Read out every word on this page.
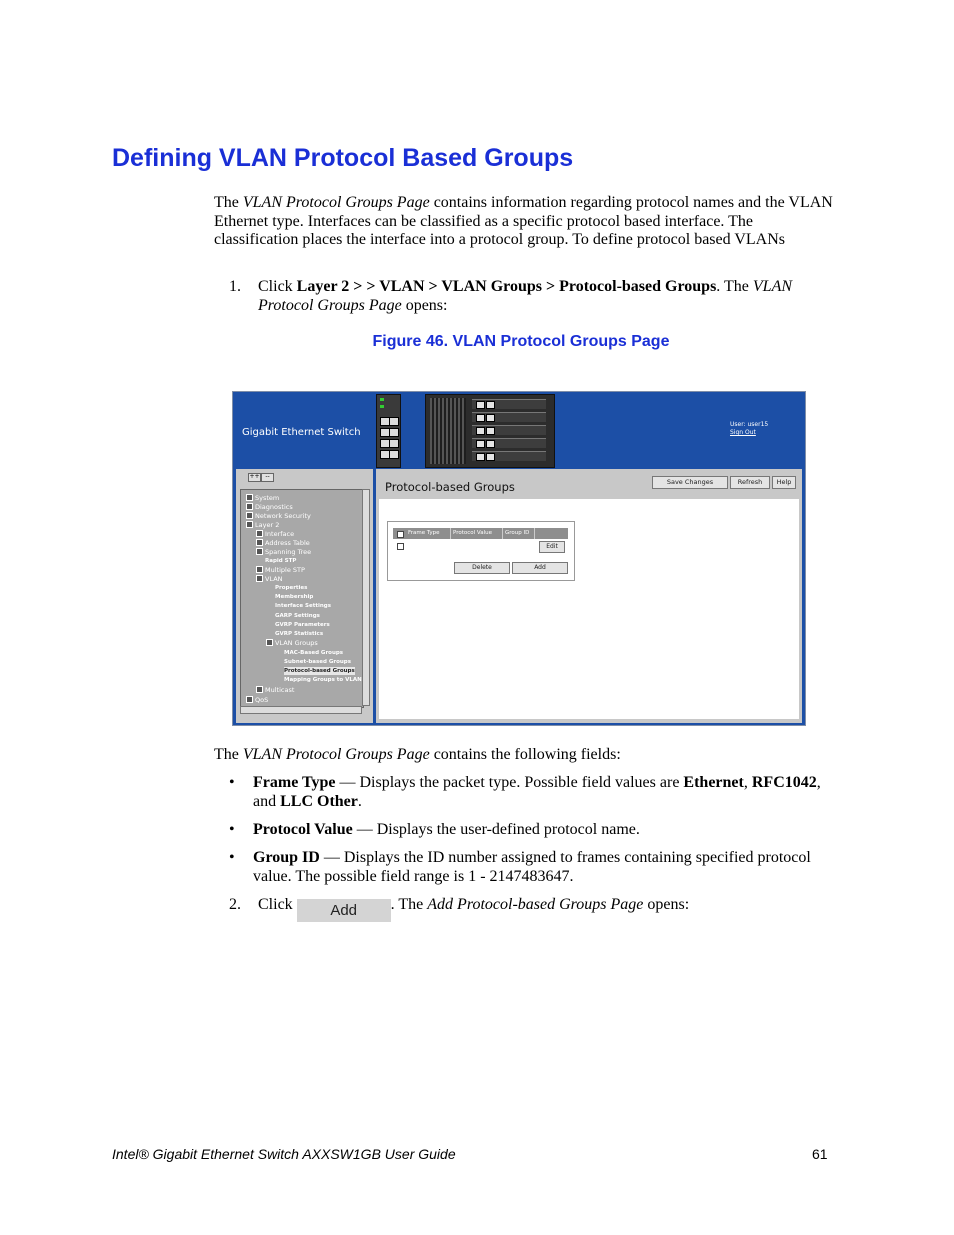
Defining VLAN Protocol Based Groups
The VLAN Protocol Groups Page contains information regarding protocol names and the VLAN Ethernet type. Interfaces can be classified as a specific protocol based interface. The classification places the interface into a protocol group. To define protocol based VLANs
1. Click Layer 2 > > VLAN > VLAN Groups > Protocol-based Groups. The VLAN Protocol Groups Page opens:
Figure 46. VLAN Protocol Groups Page
Gigabit Ethernet Switch
User: user15
Sign Out
++ --
System
Diagnostics
Network Security
Layer 2
Interface
Address Table
Spanning Tree
Rapid STP
Multiple STP
VLAN
Properties
Membership
Interface Settings
GARP Settings
GVRP Parameters
GVRP Statistics
VLAN Groups
MAC-Based Groups
Subnet-based Groups
Protocol-based Groups
Mapping Groups to VLAN
Multicast
QoS
Protocol-based Groups	Save Changes	Refresh	Help
Frame Type	Protocol Value	Group ID
Edit
Delete	Add
The VLAN Protocol Groups Page contains the following fields:
• Frame Type — Displays the packet type. Possible field values are Ethernet, RFC1042, and LLC Other.
• Protocol Value — Displays the user-defined protocol name.
• Group ID — Displays the ID number assigned to frames containing specified protocol value. The possible field range is 1 - 2147483647.
2. Click	Add . The Add Protocol-based Groups Page opens:
Intel® Gigabit Ethernet Switch AXXSW1GB User Guide	61
